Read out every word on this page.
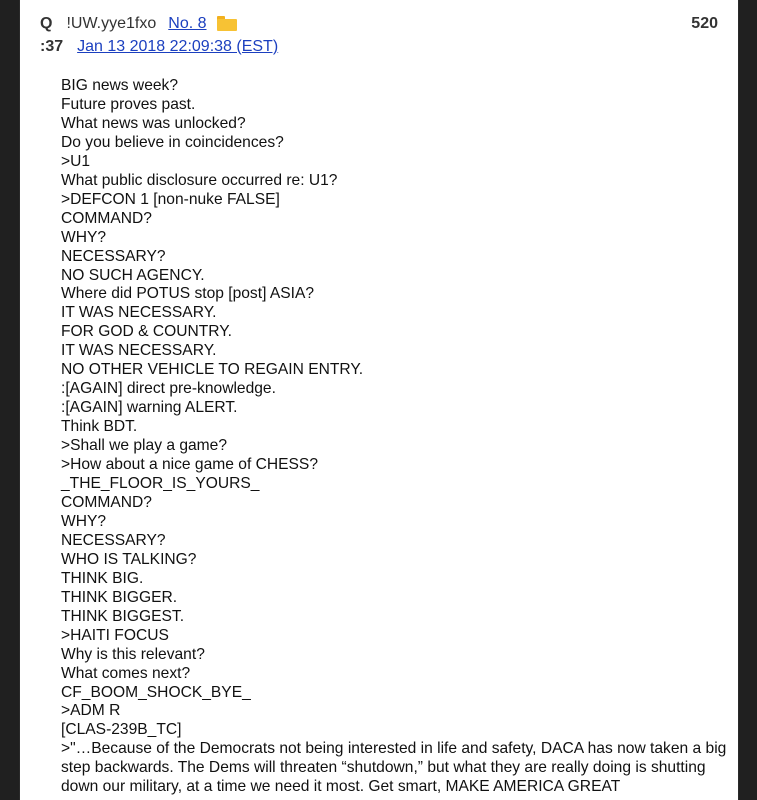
Q !UW.yye1fxo No. 8	520
:37 Jan 13 2018 22:09:38 (EST)

BIG news week?

Future proves past.

What news was unlocked?

Do you believe in coincidences?

>U1

What public disclosure occurred re: U1?

>DEFCON 1 [non-nuke FALSE]

COMMAND?

WHY?

NECESSARY?

NO SUCH AGENCY.

Where did POTUS stop [post] ASIA?

IT WAS NECESSARY.

FOR GOD & COUNTRY.

IT WAS NECESSARY.

NO OTHER VEHICLE TO REGAIN ENTRY.

:[AGAIN] direct pre-knowledge.

:[AGAIN] warning ALERT.

Think BDT.

>Shall we play a game?

>How about a nice game of CHESS?

_THE_FLOOR_IS_YOURS_

COMMAND?

WHY?

NECESSARY?

WHO IS TALKING?

THINK BIG.

THINK BIGGER.

THINK BIGGEST.

>HAITI FOCUS

Why is this relevant?

What comes next?

CF_BOOM_SHOCK_BYE_

>ADM R

[CLAS-239B_TC]

>"…Because of the Democrats not being interested in life and safety, DACA has now taken a big step backwards. The Dems will threaten “shutdown,” but what they are really doing is shutting down our military, at a time we need it most. Get smart, MAKE AMERICA GREAT
